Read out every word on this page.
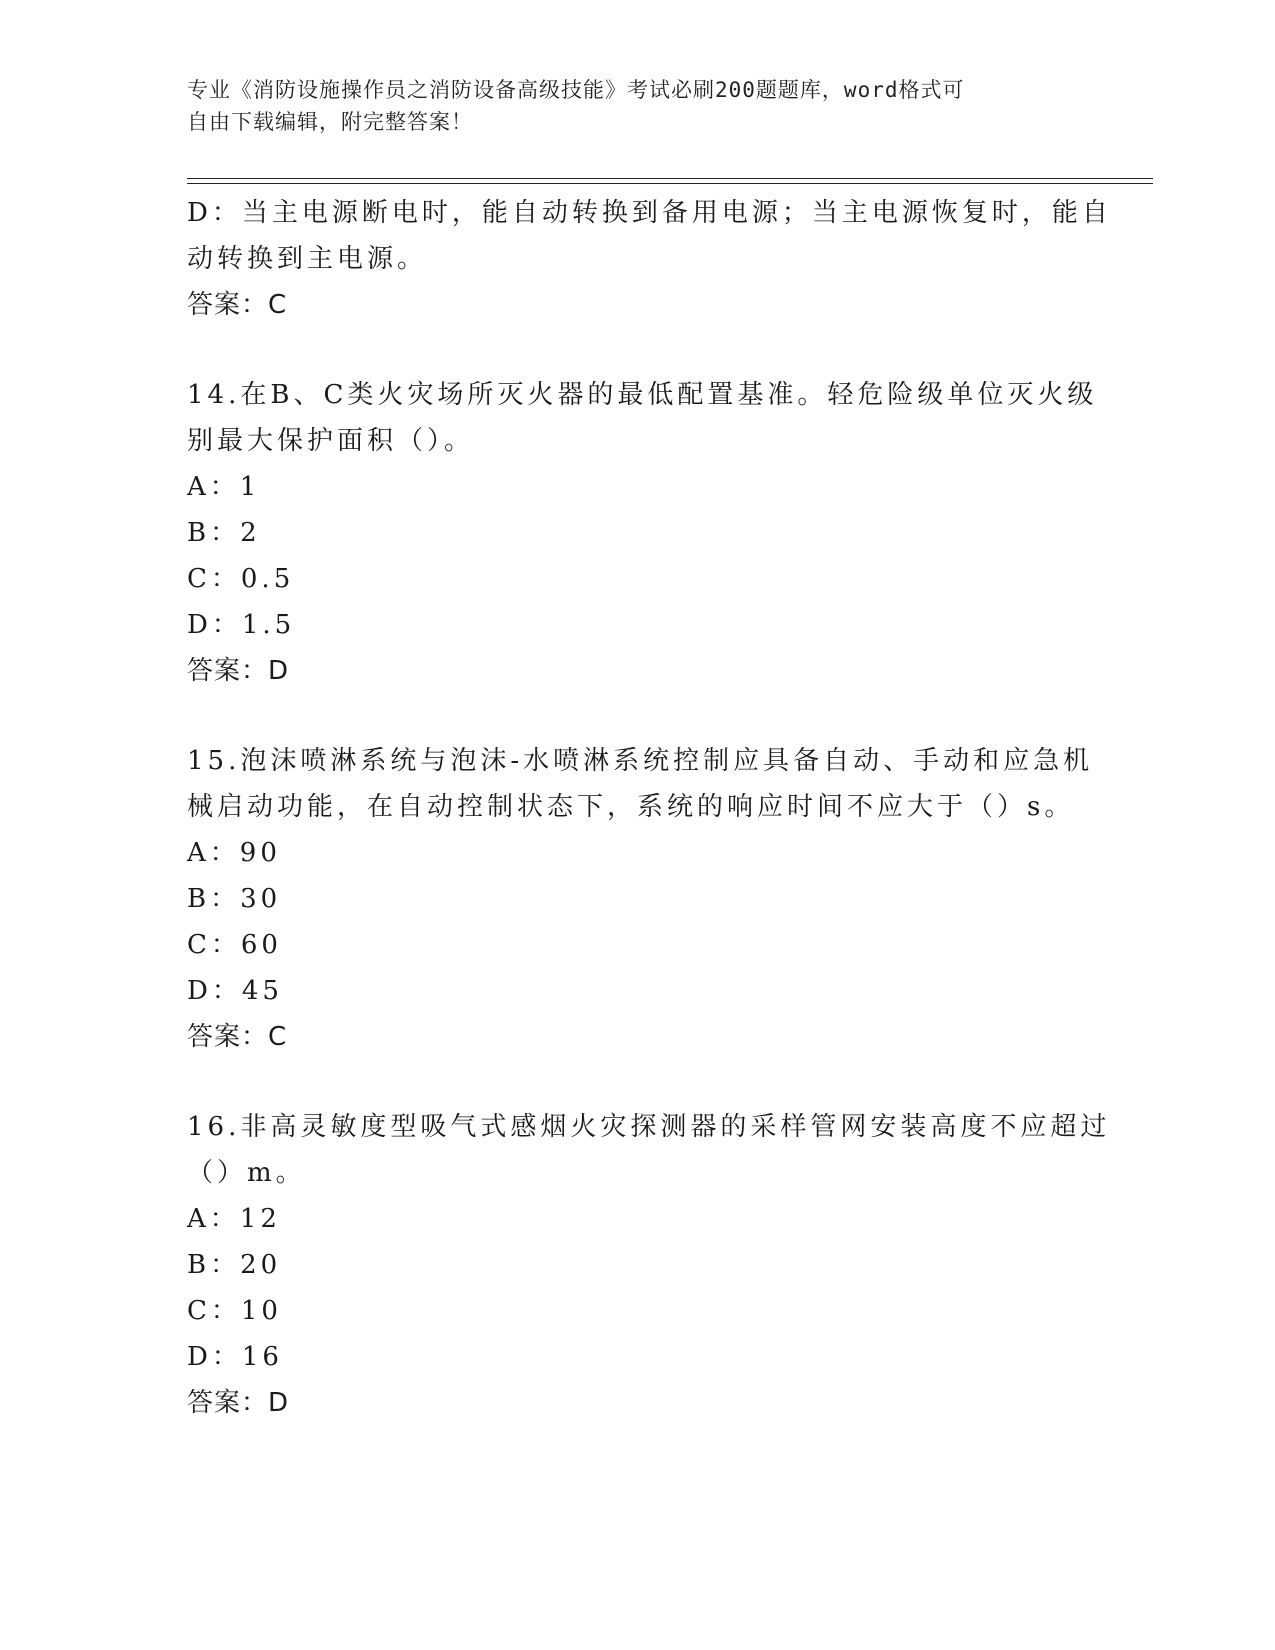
专业《消防设施操作员之消防设备高级技能》考试必刷200题题库，word格式可

自由下载编辑，附完整答案！

D：当主电源断电时，能自动转换到备用电源；当主电源恢复时，能自
动转换到主电源。
答案：C
14.在B、C类火灾场所灭火器的最低配置基准。轻危险级单位灭火级
别最大保护面积（）。
A：1
B：2
C：0.5
D：1.5
答案：D
15.泡沫喷淋系统与泡沫-水喷淋系统控制应具备自动、手动和应急机
械启动功能，在自动控制状态下，系统的响应时间不应大于（）s。
A：90
B：30
C：60
D：45
答案：C
16.非高灵敏度型吸气式感烟火灾探测器的采样管网安装高度不应超过
（）m。
A：12
B：20
C：10
D：16
答案：D
